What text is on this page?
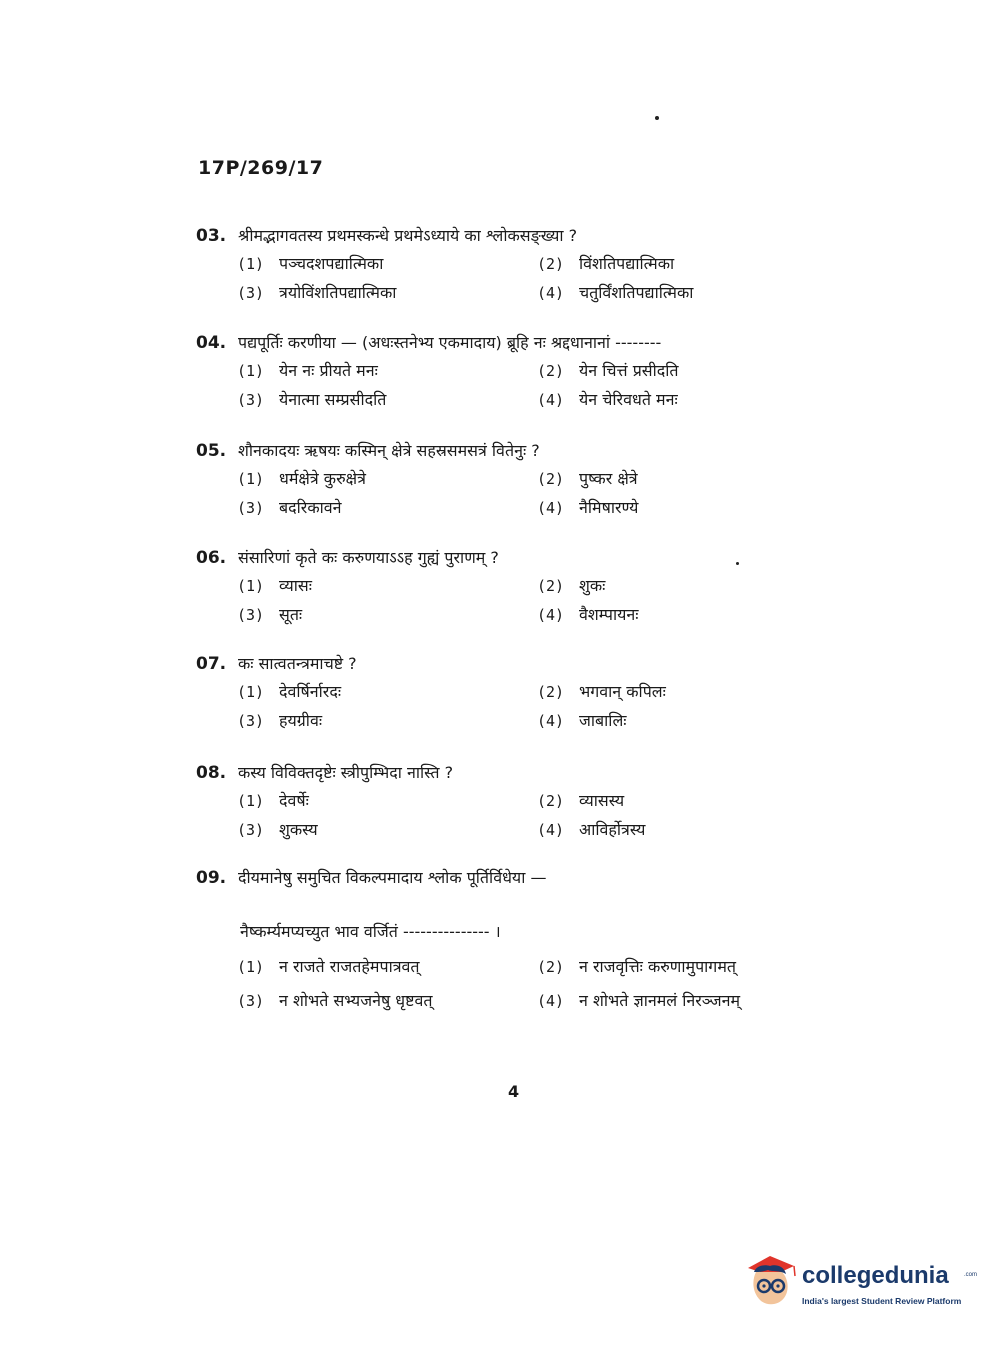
17P/269/17
03. श्रीमद्भागवतस्य प्रथमस्कन्धे प्रथमेऽध्याये का श्लोकसङ्ख्या ?
(1) पञ्चदशपद्यात्मिका	(2) विंशतिपद्यात्मिका
(3) त्रयोविंशतिपद्यात्मिका	(4) चतुर्विंशतिपद्यात्मिका
04. पद्यपूर्तिः करणीया — (अधःस्तनेभ्य एकमादाय) ब्रूहि नः श्रद्दधानानां --------
(1) येन नः प्रीयते मनः	(2) येन चित्तं प्रसीदति
(3) येनात्मा सम्प्रसीदति	(4) येन चेरिवधते मनः
05. शौनकादयः ऋषयः कस्मिन् क्षेत्रे सहस्रसमसत्रं वितेनुः ?
(1) धर्मक्षेत्रे कुरुक्षेत्रे	(2) पुष्कर क्षेत्रे
(3) बदरिकावने	(4) नैमिषारण्ये
06. संसारिणां कृते कः करुणयाऽऽह गुह्यं पुराणम् ?
(1) व्यासः	(2) शुकः
(3) सूतः	(4) वैशम्पायनः
07. कः सात्वतन्त्रमाचष्टे ?
(1) देवर्षिर्नारदः	(2) भगवान् कपिलः
(3) हयग्रीवः	(4) जाबालिः
08. कस्य विविक्तदृष्टेः स्त्रीपुम्भिदा नास्ति ?
(1) देवर्षेः	(2) व्यासस्य
(3) शुकस्य	(4) आविर्होत्रस्य
09. दीयमानेषु समुचित विकल्पमादाय श्लोक पूर्तिर्विधेया —
नैष्कर्म्यमप्यच्युत भाव वर्जितं --------------- ।
(1) न राजते राजतहेमपात्रवत्	(2) न राजवृत्तिः करुणामुपागमत्
(3) न शोभते सभ्यजनेषु धृष्टवत्	(4) न शोभते ज्ञानमलं निरञ्जनम्
4
collegedunia	.com
India's largest Student Review Platform
